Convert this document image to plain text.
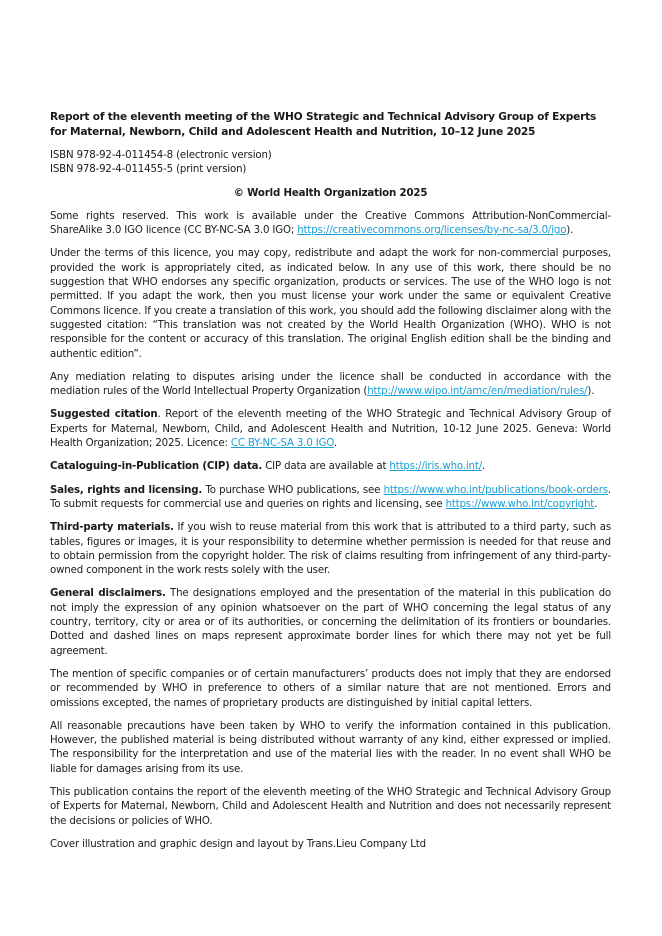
Report of the eleventh meeting of the WHO Strategic and Technical Advisory Group of Experts for Maternal, Newborn, Child and Adolescent Health and Nutrition, 10–12 June 2025
ISBN 978-92-4-011454-8 (electronic version)
ISBN 978-92-4-011455-5 (print version)
© World Health Organization 2025

Some rights reserved. This work is available under the Creative Commons Attribution-NonCommercial-ShareAlike 3.0 IGO licence (CC BY-NC-SA 3.0 IGO; https://creativecommons.org/licenses/by-nc-sa/3.0/igo).

Under the terms of this licence, you may copy, redistribute and adapt the work for non-commercial purposes, provided the work is appropriately cited, as indicated below. In any use of this work, there should be no suggestion that WHO endorses any specific organization, products or services. The use of the WHO logo is not permitted. If you adapt the work, then you must license your work under the same or equivalent Creative Commons licence. If you create a translation of this work, you should add the following disclaimer along with the suggested citation: “This translation was not created by the World Health Organization (WHO). WHO is not responsible for the content or accuracy of this translation. The original English edition shall be the binding and authentic edition”.

Any mediation relating to disputes arising under the licence shall be conducted in accordance with the mediation rules of the World Intellectual Property Organization (http://www.wipo.int/amc/en/mediation/rules/).

Suggested citation. Report of the eleventh meeting of the WHO Strategic and Technical Advisory Group of Experts for Maternal, Newborn, Child, and Adolescent Health and Nutrition, 10-12 June 2025. Geneva: World Health Organization; 2025. Licence: CC BY-NC-SA 3.0 IGO.

Cataloguing-in-Publication (CIP) data. CIP data are available at https://iris.who.int/.

Sales, rights and licensing. To purchase WHO publications, see https://www.who.int/publications/book-orders. To submit requests for commercial use and queries on rights and licensing, see https://www.who.int/copyright.

Third-party materials. If you wish to reuse material from this work that is attributed to a third party, such as tables, figures or images, it is your responsibility to determine whether permission is needed for that reuse and to obtain permission from the copyright holder. The risk of claims resulting from infringement of any third-party-owned component in the work rests solely with the user.

General disclaimers. The designations employed and the presentation of the material in this publication do not imply the expression of any opinion whatsoever on the part of WHO concerning the legal status of any country, territory, city or area or of its authorities, or concerning the delimitation of its frontiers or boundaries. Dotted and dashed lines on maps represent approximate border lines for which there may not yet be full agreement.

The mention of specific companies or of certain manufacturers’ products does not imply that they are endorsed or recommended by WHO in preference to others of a similar nature that are not mentioned. Errors and omissions excepted, the names of proprietary products are distinguished by initial capital letters.

All reasonable precautions have been taken by WHO to verify the information contained in this publication. However, the published material is being distributed without warranty of any kind, either expressed or implied. The responsibility for the interpretation and use of the material lies with the reader. In no event shall WHO be liable for damages arising from its use.

This publication contains the report of the eleventh meeting of the WHO Strategic and Technical Advisory Group of Experts for Maternal, Newborn, Child and Adolescent Health and Nutrition and does not necessarily represent the decisions or policies of WHO.

Cover illustration and graphic design and layout by Trans.Lieu Company Ltd
